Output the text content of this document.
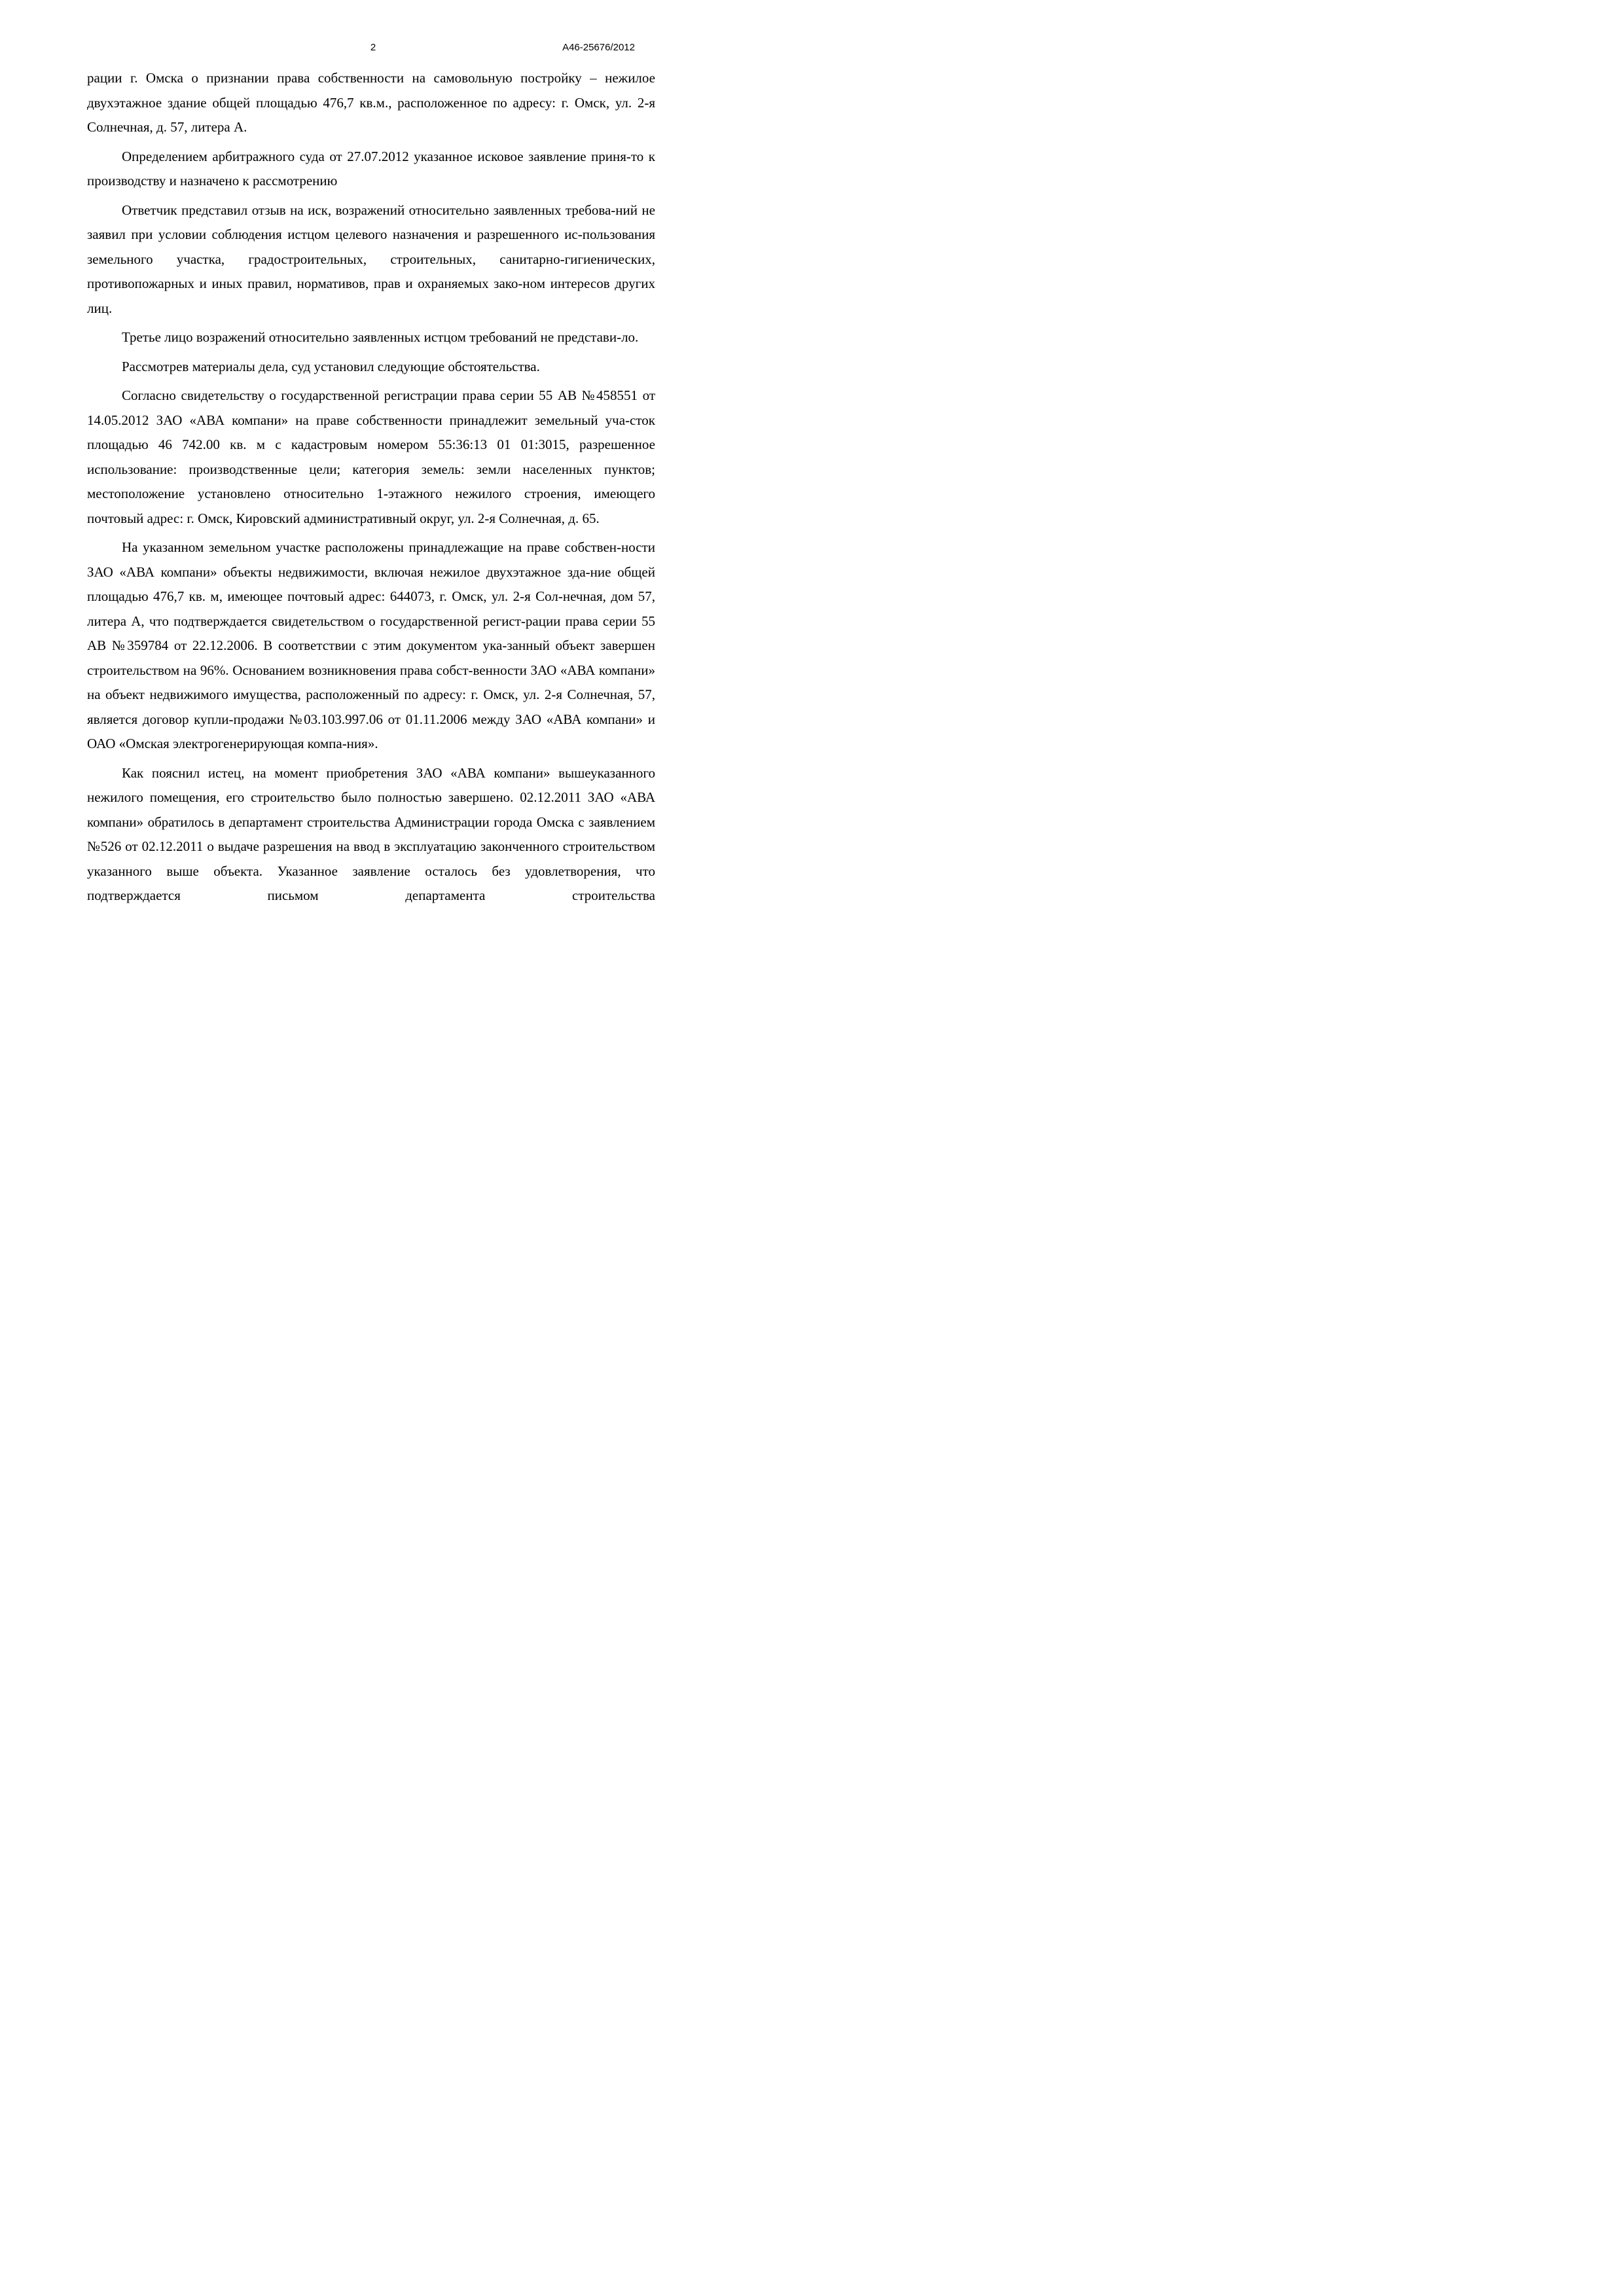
2	А46-25676/2012

рации г. Омска о признании права собственности на самовольную постройку – нежилое двухэтажное здание общей площадью 476,7 кв.м., расположенное по адресу: г. Омск, ул. 2-я Солнечная, д. 57, литера А.

Определением арбитражного суда от 27.07.2012 указанное исковое заявление приня-то к производству и назначено к рассмотрению

Ответчик представил отзыв на иск, возражений относительно заявленных требова-ний не заявил при условии соблюдения истцом целевого назначения и разрешенного ис-пользования земельного участка, градостроительных, строительных, санитарно-гигиенических, противопожарных и иных правил, нормативов, прав и охраняемых зако-ном интересов других лиц.

Третье лицо возражений относительно заявленных истцом требований не представи-ло.

Рассмотрев материалы дела, суд установил следующие обстоятельства.

Согласно свидетельству о государственной регистрации права серии 55 АВ №458551 от 14.05.2012 ЗАО «АВА компани» на праве собственности принадлежит земельный уча-сток площадью 46 742.00 кв. м с кадастровым номером 55:36:13 01 01:3015, разрешенное использование: производственные цели; категория земель: земли населенных пунктов; местоположение установлено относительно 1-этажного нежилого строения, имеющего почтовый адрес: г. Омск, Кировский административный округ, ул. 2-я Солнечная, д. 65.

На указанном земельном участке расположены принадлежащие на праве собствен-ности ЗАО «АВА компани» объекты недвижимости, включая нежилое двухэтажное зда-ние общей площадью 476,7 кв. м, имеющее почтовый адрес: 644073, г. Омск, ул. 2-я Сол-нечная, дом 57, литера А, что подтверждается свидетельством о государственной регист-рации права серии 55 АВ №359784 от 22.12.2006. В соответствии с этим документом ука-занный объект завершен строительством на 96%. Основанием возникновения права собст-венности ЗАО «АВА компани» на объект недвижимого имущества, расположенный по адресу: г. Омск, ул. 2-я Солнечная, 57, является договор купли-продажи №03.103.997.06 от 01.11.2006 между ЗАО «АВА компани» и ОАО «Омская электрогенерирующая компа-ния».

Как пояснил истец, на момент приобретения ЗАО «АВА компани» вышеуказанного нежилого помещения, его строительство было полностью завершено. 02.12.2011 ЗАО «АВА компани» обратилось в департамент строительства Администрации города Омска с заявлением №526 от 02.12.2011 о выдаче разрешения на ввод в эксплуатацию законченного строительством указанного выше объекта. Указанное заявление осталось без удовлетворения, что подтверждается письмом департамента строительства
